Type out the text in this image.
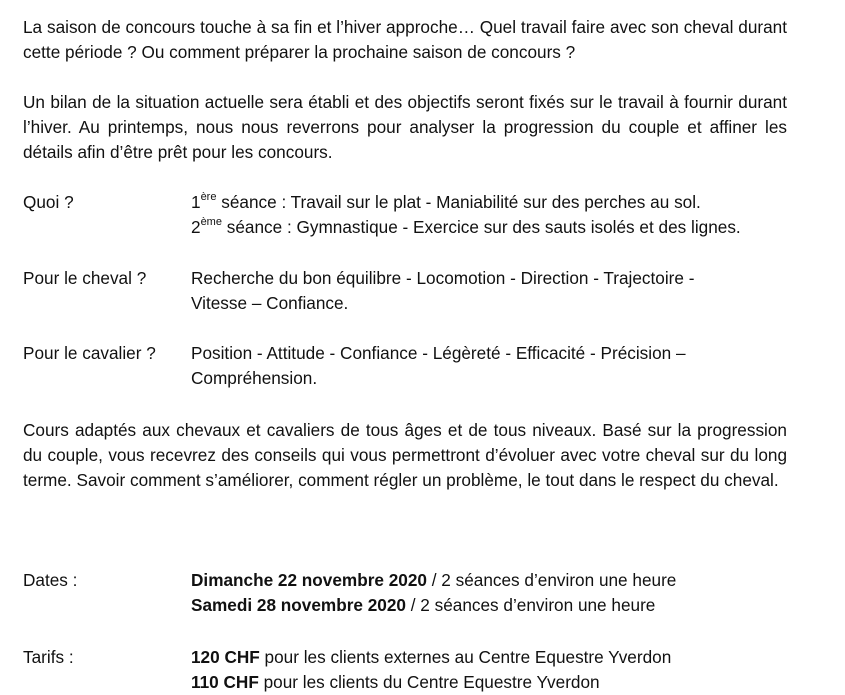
La saison de concours touche à sa fin et l’hiver approche… Quel travail faire avec son cheval durant cette période ? Ou comment préparer la prochaine saison de concours ?

Un bilan de la situation actuelle sera établi et des objectifs seront fixés sur le travail à fournir durant l’hiver. Au printemps, nous nous reverrons pour analyser la progression du couple et affiner les détails afin d’être prêt pour les concours.

Quoi ?	1ère séance : Travail sur le plat - Maniabilité sur des perches au sol.
2ème séance : Gymnastique - Exercice sur des sauts isolés et des lignes.
Pour le cheval ?	Recherche du bon équilibre - Locomotion - Direction - Trajectoire -
Vitesse – Confiance.
Pour le cavalier ? Position - Attitude - Confiance - Légèreté - Efficacité - Précision –
Compréhension.

Cours adaptés aux chevaux et cavaliers de tous âges et de tous niveaux. Basé sur la progression du couple, vous recevrez des conseils qui vous permettront d’évoluer avec votre cheval sur du long terme. Savoir comment s’améliorer, comment régler un problème, le tout dans le respect du cheval.

Dates :	Dimanche 22 novembre 2020 / 2 séances d’environ une heure
Samedi 28 novembre 2020 / 2 séances d’environ une heure
Tarifs :	120 CHF pour les clients externes au Centre Equestre Yverdon
110 CHF pour les clients du Centre Equestre Yverdon
